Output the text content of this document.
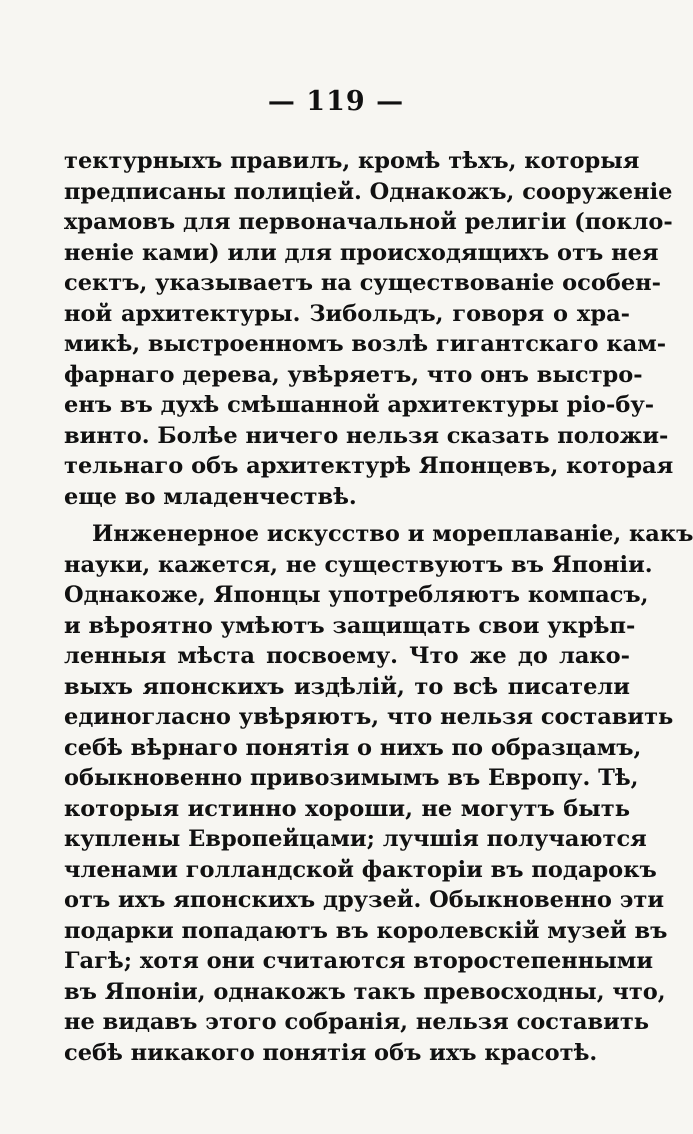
— 119 —
тектурныхъ правилъ, кромѣ тѣхъ, которыя
предписаны полиціей. Однакожъ, сооруженіе
храмовъ для первоначальной религіи (покло-
неніе ками) или для происходящихъ отъ нея
сектъ, указываетъ на существованіе особен-
ной архитектуры. Зибольдъ, говоря о хра-
микѣ, выстроенномъ возлѣ гигантскаго кам-
фарнаго дерева, увѣряетъ, что онъ выстро-
енъ въ духѣ смѣшанной архитектуры ріо-бу-
винто. Болѣе ничего нельзя сказать положи-
тельнаго объ архитектурѣ Японцевъ, которая
еще во младенчествѣ.
Инженерное искусство и мореплаваніе, какъ
науки, кажется, не существуютъ въ Японіи.
Однакоже, Японцы употребляютъ компасъ,
и вѣроятно умѣютъ защищать свои укрѣп-
ленныя мѣста посвоему. Что же до лако-
выхъ японскихъ издѣлій, то всѣ писатели
единогласно увѣряютъ, что нельзя составить
себѣ вѣрнаго понятія о нихъ по образцамъ,
обыкновенно привозимымъ въ Европу. Тѣ,
которыя истинно хороши, не могутъ быть
куплены Европейцами; лучшія получаются
членами голландской факторіи въ подарокъ
отъ ихъ японскихъ друзей. Обыкновенно эти
подарки попадаютъ въ королевскій музей въ
Гагѣ; хотя они считаются второстепенными
въ Японіи, однакожъ такъ превосходны, что,
не видавъ этого собранія, нельзя составить
себѣ никакого понятія объ ихъ красотѣ.
